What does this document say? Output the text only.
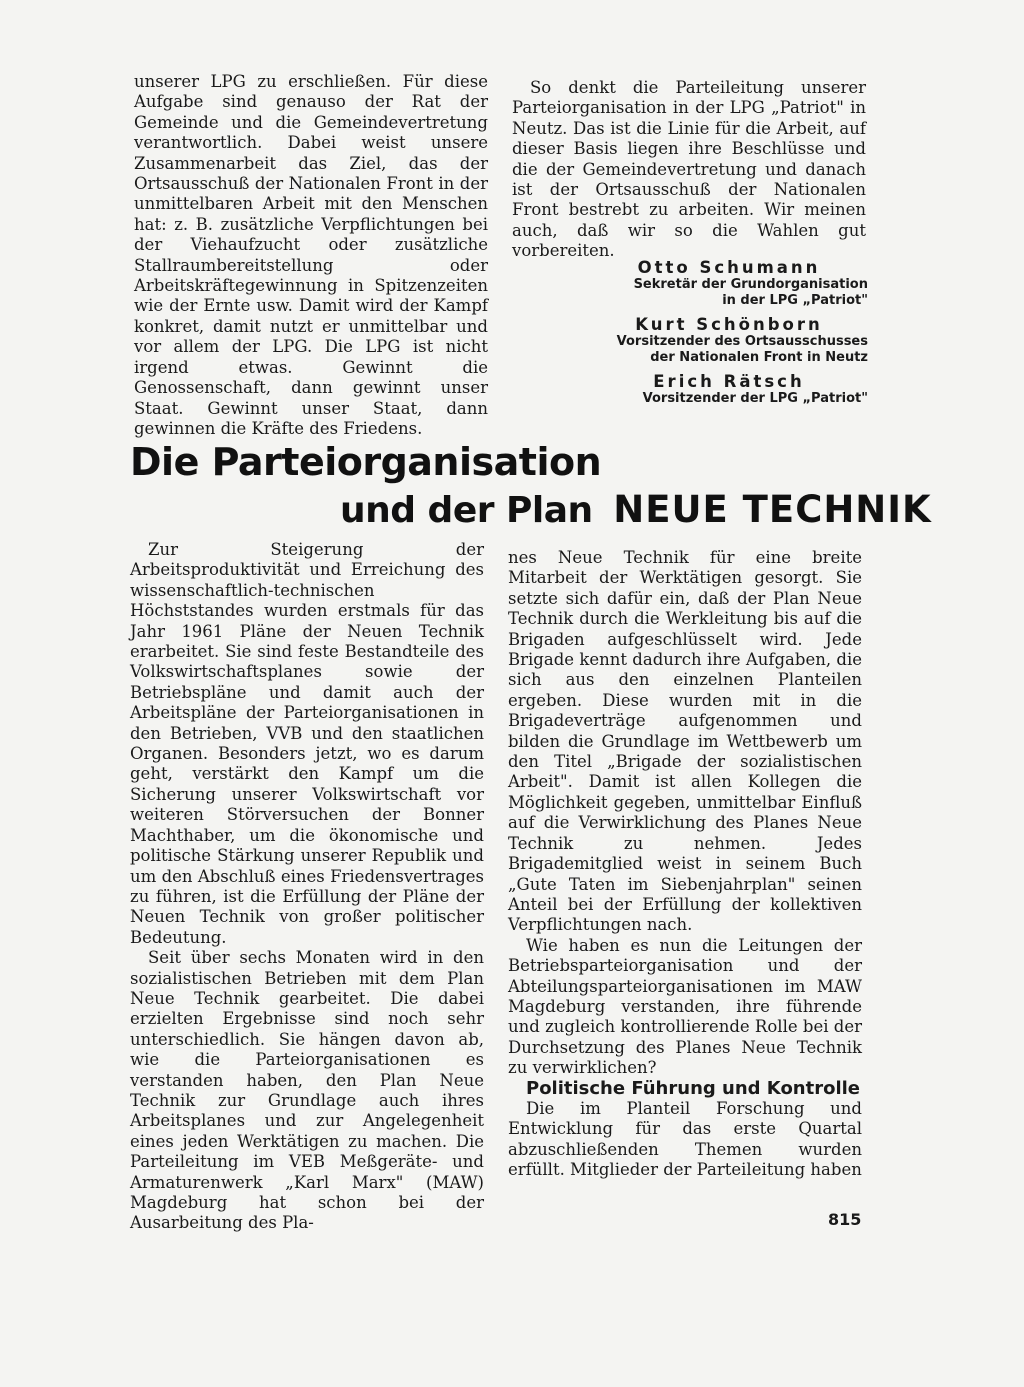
unserer LPG zu erschließen. Für diese Aufgabe sind genauso der Rat der Gemeinde und die Gemeindevertretung verantwortlich. Dabei weist unsere Zusammenarbeit das Ziel, das der Ortsausschuß der Nationalen Front in der unmittelbaren Arbeit mit den Menschen hat: z. B. zusätzliche Verpflichtungen bei der Viehaufzucht oder zusätzliche Stallraumbereitstellung oder Arbeitskräftegewinnung in Spitzenzeiten wie der Ernte usw. Damit wird der Kampf konkret, damit nutzt er unmittelbar und vor allem der LPG. Die LPG ist nicht irgend etwas. Gewinnt die Genossenschaft, dann gewinnt unser Staat. Gewinnt unser Staat, dann gewinnen die Kräfte des Friedens.

So denkt die Parteileitung unserer Parteiorganisation in der LPG „Patriot" in Neutz. Das ist die Linie für die Arbeit, auf dieser Basis liegen ihre Beschlüsse und die der Gemeindevertretung und danach ist der Ortsausschuß der Nationalen Front bestrebt zu arbeiten. Wir meinen auch, daß wir so die Wahlen gut vorbereiten.

Otto Schumann
Sekretär der Grundorganisation
in der LPG „Patriot"
Kurt Schönborn
Vorsitzender des Ortsausschusses
der Nationalen Front in Neutz
Erich Rätsch
Vorsitzender der LPG „Patriot"
Die Parteiorganisation
und der Plan NEUE TECHNIK

Zur Steigerung der Arbeitsproduktivität und Erreichung des wissenschaftlich-technischen Höchststandes wurden erstmals für das Jahr 1961 Pläne der Neuen Technik erarbeitet. Sie sind feste Bestandteile des Volkswirtschaftsplanes sowie der Betriebspläne und damit auch der Arbeitspläne der Parteiorganisationen in den Betrieben, VVB und den staatlichen Organen. Besonders jetzt, wo es darum geht, verstärkt den Kampf um die Sicherung unserer Volkswirtschaft vor weiteren Störversuchen der Bonner Machthaber, um die ökonomische und politische Stärkung unserer Republik und um den Abschluß eines Friedensvertrages zu führen, ist die Erfüllung der Pläne der Neuen Technik von großer politischer Bedeutung.

Seit über sechs Monaten wird in den sozialistischen Betrieben mit dem Plan Neue Technik gearbeitet. Die dabei erzielten Ergebnisse sind noch sehr unterschiedlich. Sie hängen davon ab, wie die Parteiorganisationen es verstanden haben, den Plan Neue Technik zur Grundlage auch ihres Arbeitsplanes und zur Angelegenheit eines jeden Werktätigen zu machen. Die Parteileitung im VEB Meßgeräte- und Armaturenwerk „Karl Marx" (MAW) Magdeburg hat schon bei der Ausarbeitung des Pla-

nes Neue Technik für eine breite Mitarbeit der Werktätigen gesorgt. Sie setzte sich dafür ein, daß der Plan Neue Technik durch die Werkleitung bis auf die Brigaden aufgeschlüsselt wird. Jede Brigade kennt dadurch ihre Aufgaben, die sich aus den einzelnen Planteilen ergeben. Diese wurden mit in die Brigadeverträge aufgenommen und bilden die Grundlage im Wettbewerb um den Titel „Brigade der sozialistischen Arbeit". Damit ist allen Kollegen die Möglichkeit gegeben, unmittelbar Einfluß auf die Verwirklichung des Planes Neue Technik zu nehmen. Jedes Brigademitglied weist in seinem Buch „Gute Taten im Siebenjahrplan" seinen Anteil bei der Erfüllung der kollektiven Verpflichtungen nach.

Wie haben es nun die Leitungen der Betriebsparteiorganisation und der Abteilungsparteiorganisationen im MAW Magdeburg verstanden, ihre führende und zugleich kontrollierende Rolle bei der Durchsetzung des Planes Neue Technik zu verwirklichen?

Politische Führung und Kontrolle

Die im Planteil Forschung und Entwicklung für das erste Quartal abzuschließenden Themen wurden erfüllt. Mitglieder der Parteileitung haben

815
